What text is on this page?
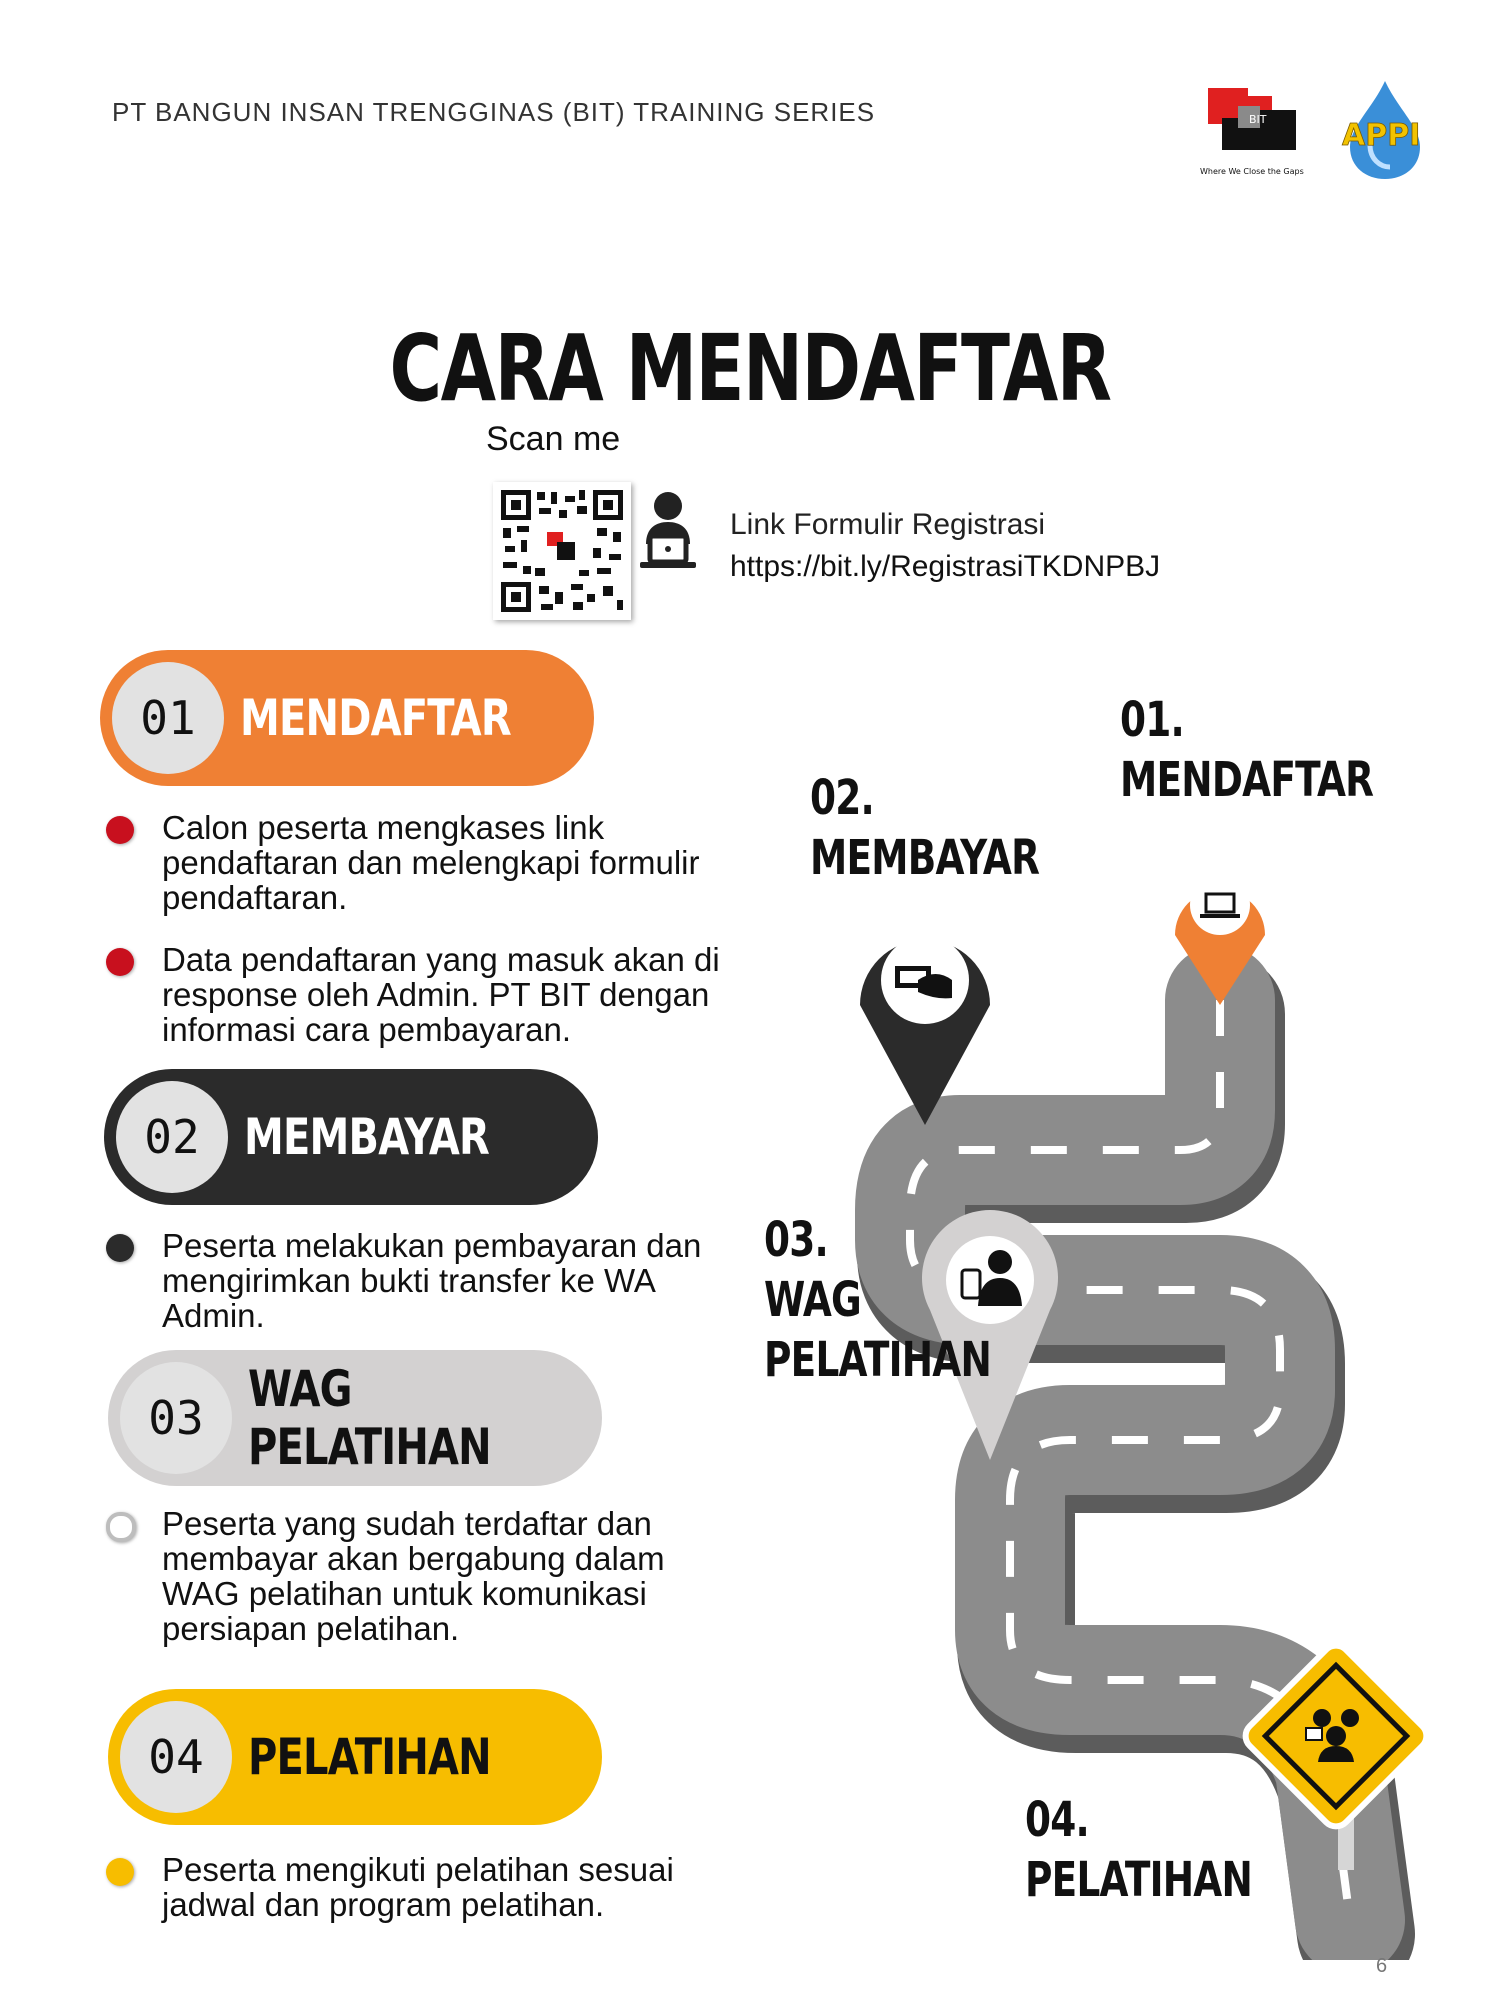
PT BANGUN INSAN TRENGGINAS (BIT) TRAINING SERIES	BIT
Where We Close the Gaps
APPI
CARA MENDAFTAR
Scan me
Link Formulir Registrasi
https://bit.ly/RegistrasiTKDNPBJ
01 MENDAFTAR
Calon peserta mengkases link pendaftaran dan melengkapi formulir pendaftaran.
Data pendaftaran yang masuk akan di response oleh Admin. PT BIT dengan informasi cara pembayaran.
02 MEMBAYAR
Peserta melakukan pembayaran dan mengirimkan bukti transfer ke WA Admin.
03 WAG PELATIHAN
Peserta yang sudah terdaftar dan membayar akan bergabung dalam WAG pelatihan untuk komunikasi persiapan pelatihan.
04 PELATIHAN
Peserta mengikuti pelatihan sesuai jadwal dan program pelatihan.
01.
MENDAFTAR
02.
MEMBAYAR
03.
WAG
PELATIHAN
04.
PELATIHAN
6
